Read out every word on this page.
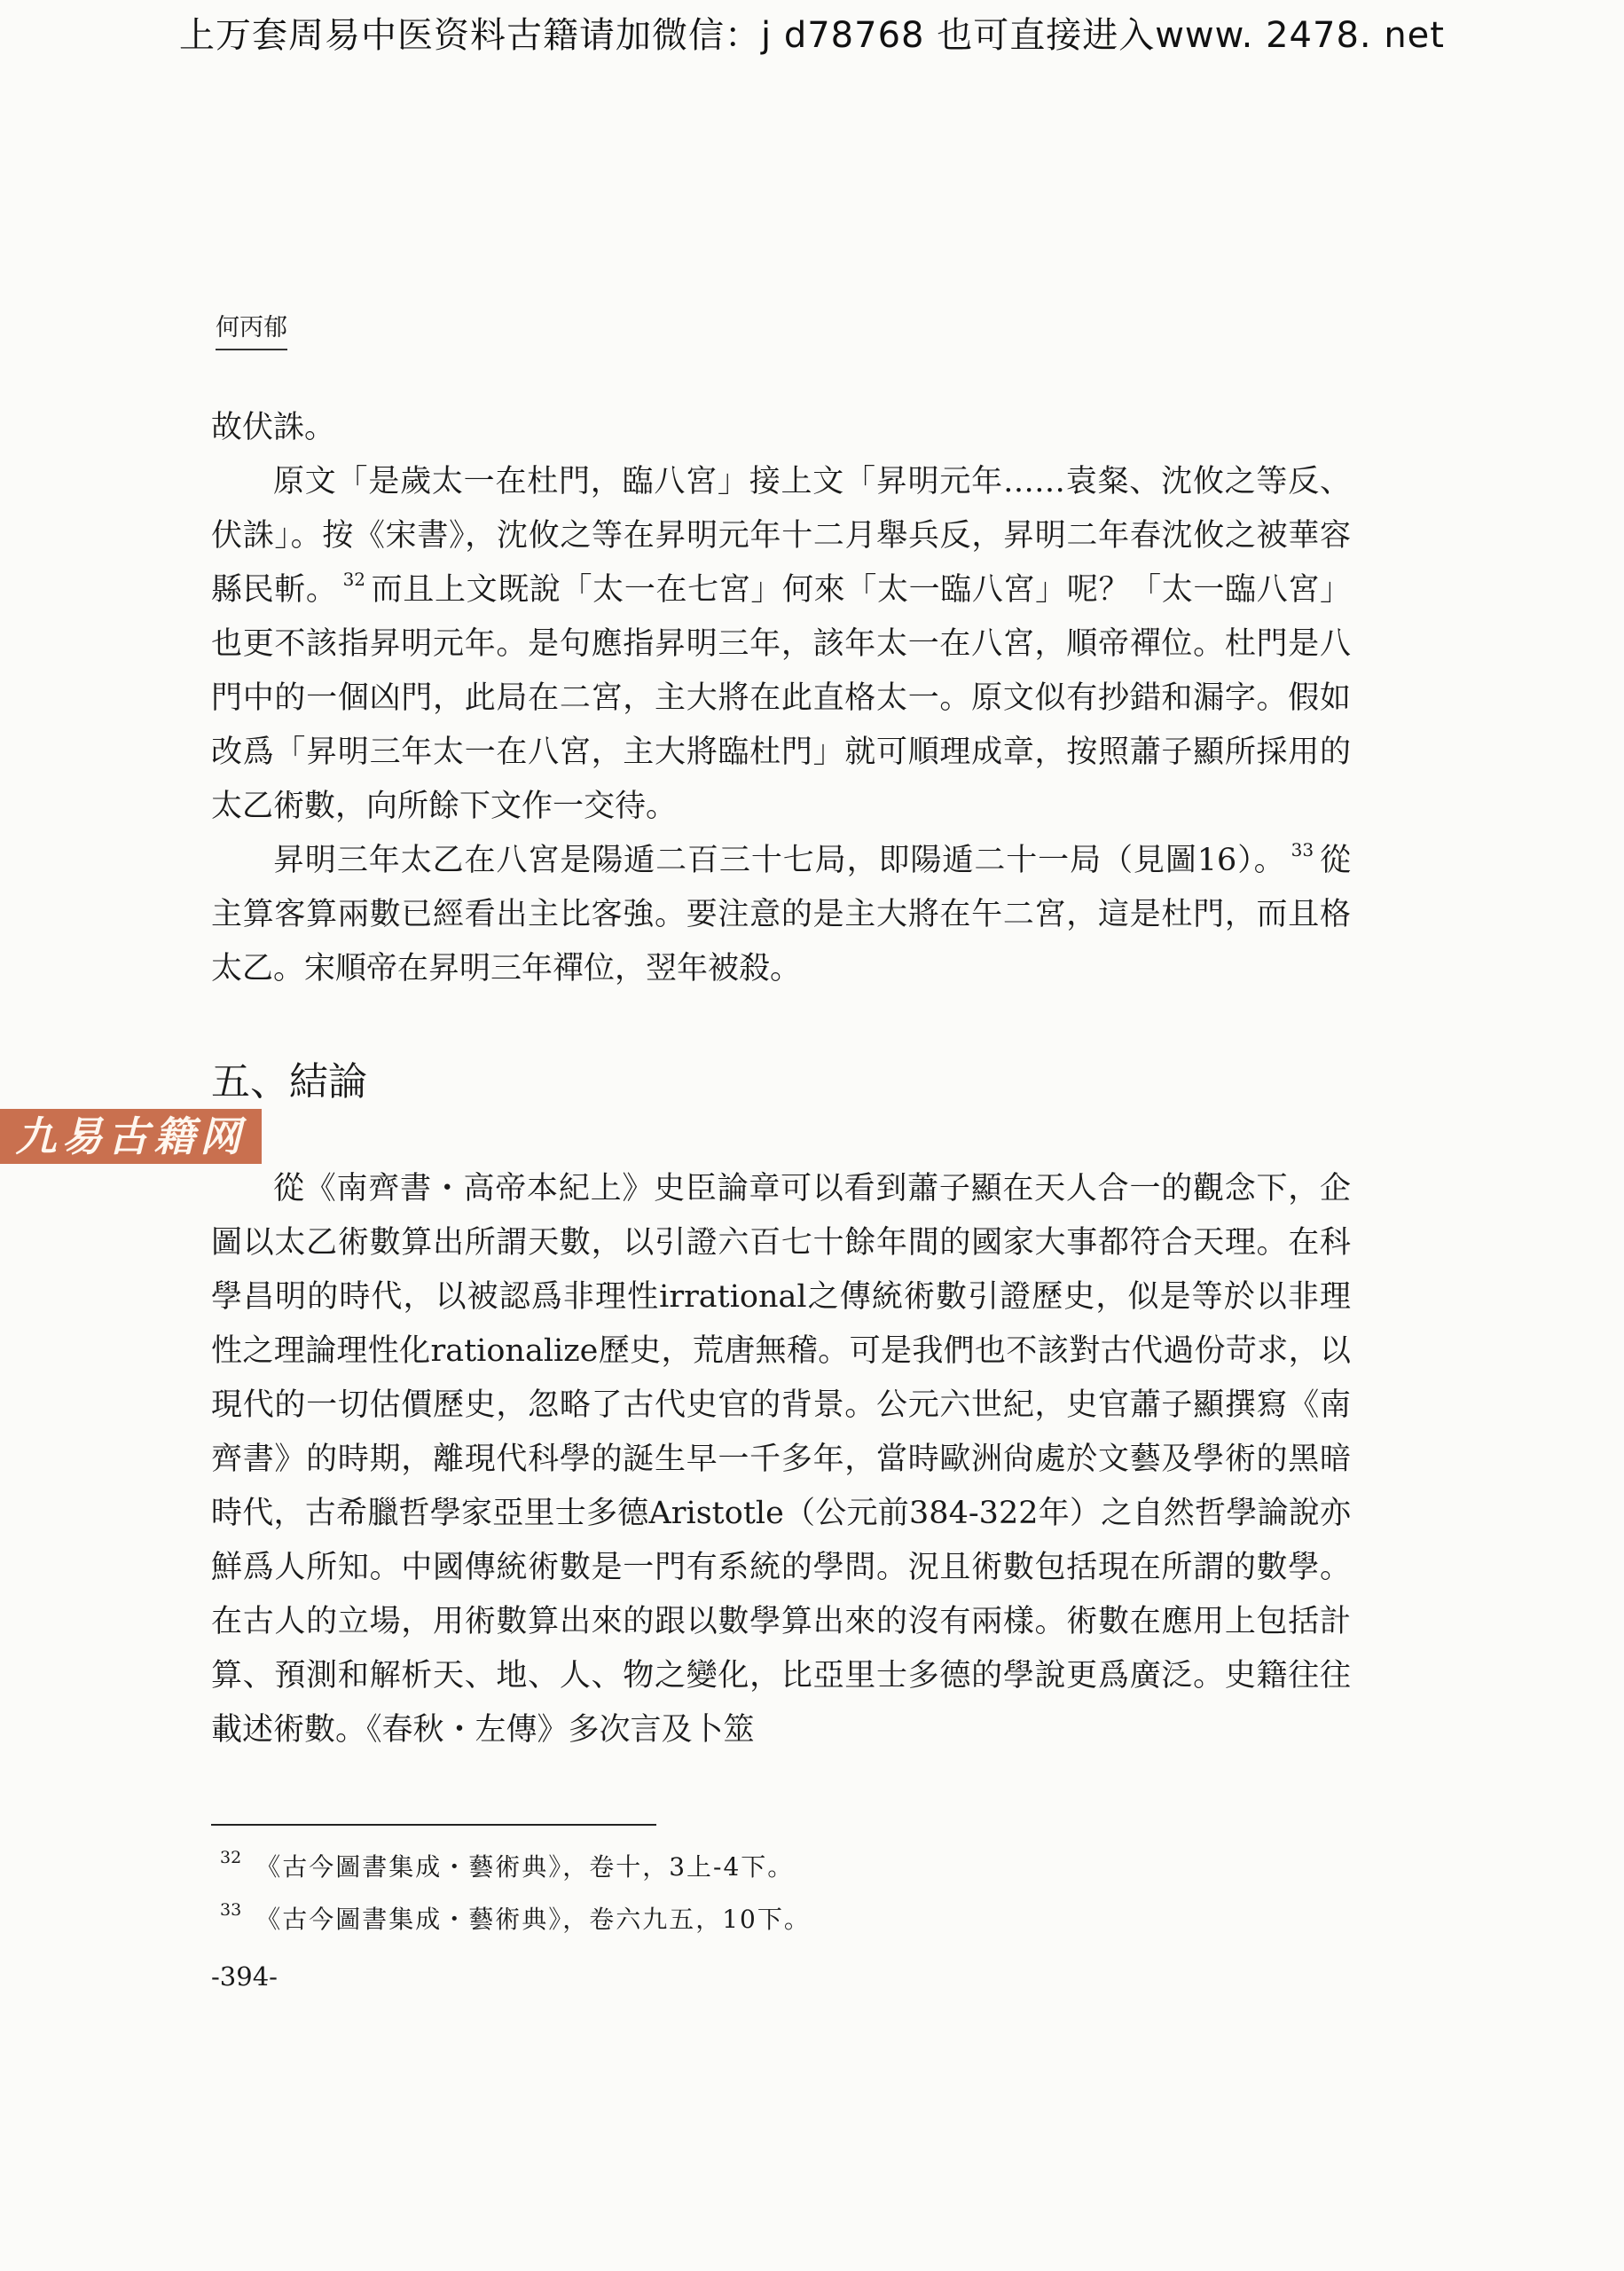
上万套周易中医资料古籍请加微信：j d78768 也可直接进入www. 2478. net
何丙郁

故伏誅。

原文「是歲太一在杜門，臨八宮」接上文「昇明元年……袁粲、沈攸之等反、伏誅」。按《宋書》，沈攸之等在昇明元年十二月舉兵反，昇明二年春沈攸之被華容縣民斬。 $^{32}$ 而且上文既說「太一在七宮」何來「太一臨八宮」呢？「太一臨八宮」也更不該指昇明元年。是句應指昇明三年，該年太一在八宮，順帝禪位。杜門是八門中的一個凶門，此局在二宮，主大將在此直格太一。原文似有抄錯和漏字。假如改爲「昇明三年太一在八宮，主大將臨杜門」就可順理成章，按照蕭子顯所採用的太乙術數，向所餘下文作一交待。

昇明三年太乙在八宮是陽遁二百三十七局，即陽遁二十一局（見圖16）。 $^{33}$ 從主算客算兩數已經看出主比客強。要注意的是主大將在午二宮，這是杜門，而且格太乙。宋順帝在昇明三年禪位，翌年被殺。

五、結論
九易古籍网

從《南齊書・高帝本紀上》史臣論章可以看到蕭子顯在天人合一的觀念下，企圖以太乙術數算出所謂天數，以引證六百七十餘年間的國家大事都符合天理。在科學昌明的時代，以被認爲非理性irrational之傳統術數引證歷史，似是等於以非理性之理論理性化rationalize歷史，荒唐無稽。可是我們也不該對古代過份苛求，以現代的一切估價歷史，忽略了古代史官的背景。公元六世紀，史官蕭子顯撰寫《南齊書》的時期，離現代科學的誕生早一千多年，當時歐洲尙處於文藝及學術的黑暗時代，古希臘哲學家亞里士多德Aristotle（公元前384-322年）之自然哲學論說亦鮮爲人所知。中國傳統術數是一門有系統的學問。況且術數包括現在所謂的數學。在古人的立場，用術數算出來的跟以數學算出來的沒有兩樣。術數在應用上包括計算、預測和解析天、地、人、物之變化，比亞里士多德的學說更爲廣泛。史籍往往載述術數。《春秋・左傳》多次言及卜筮

$^{32}$ 《古今圖書集成・藝術典》，卷十，3上-4下。
$^{33}$ 《古今圖書集成・藝術典》，卷六九五，10下。
-394-
